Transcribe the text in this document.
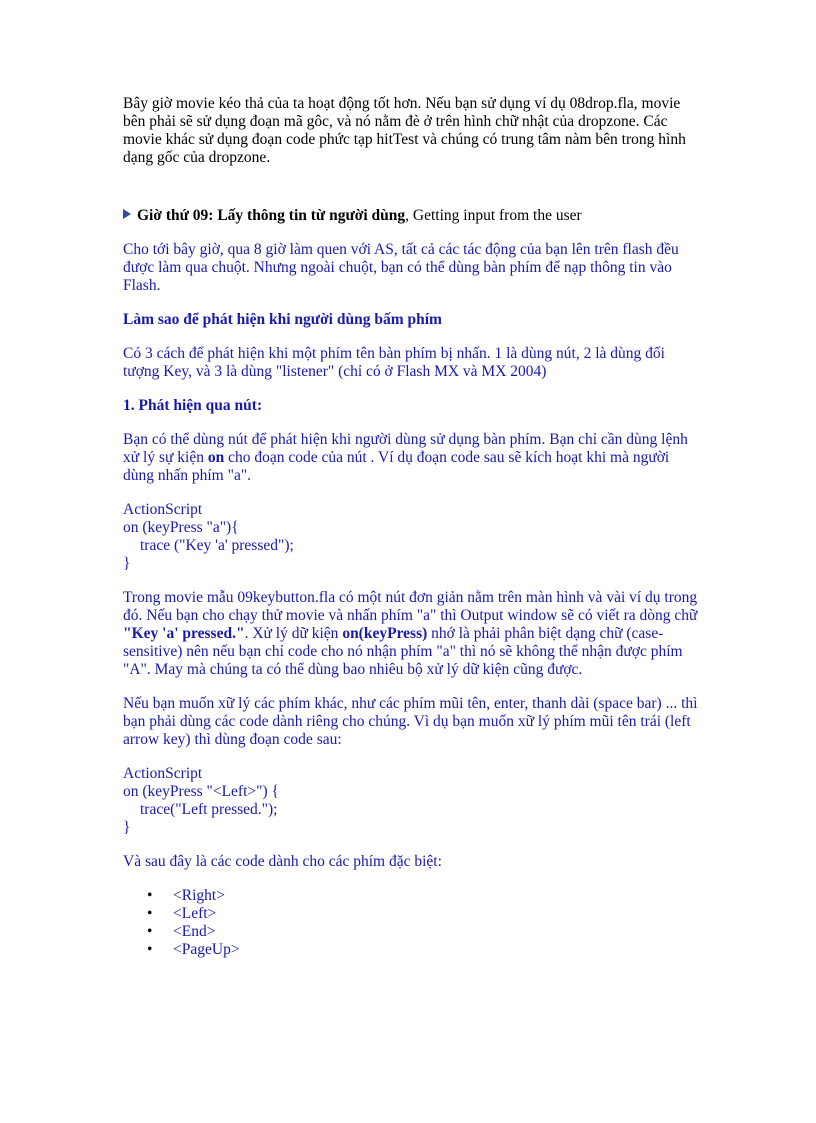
Bây giờ movie kéo thả của ta hoạt động tốt hơn. Nếu bạn sử dụng ví dụ 08drop.fla, movie bên phải sẽ sử dụng đoạn mã gôc, và nó nằm đè ở trên hình chữ nhật của dropzone. Các movie khác sử dụng đoạn code phức tạp hitTest và chúng có trung tâm nàm bên trong hình dạng gốc của dropzone.

Giờ thứ 09: Lấy thông tin từ người dùng, Getting input from the user

Cho tới bây giờ, qua 8 giờ làm quen với AS, tất cả các tác động của bạn lên trên flash đều được làm qua chuột. Nhưng ngoài chuột, bạn có thể dùng bàn phím để nạp thông tin vào Flash.

Làm sao để phát hiện khi người dùng bấm phím

Có 3 cách để phát hiện khi một phím tên bàn phím bị nhấn. 1 là dùng nút, 2 là dùng đối tượng Key, và 3 là dùng "listener" (chỉ có ở Flash MX và MX 2004)

1. Phát hiện qua nút:

Bạn có thể dùng nút để phát hiện khi người dùng sử dụng bàn phím. Bạn chỉ cần dùng lệnh xử lý sự kiện on cho đoạn code của nút . Ví dụ đoạn code sau sẽ kích hoạt khi mà người dùng nhấn phím "a".

ActionScript

on (keyPress "a"){

trace ("Key 'a' pressed");

}

Trong movie mẫu 09keybutton.fla có một nút đơn giản nằm trên màn hình và vài ví dụ trong đó. Nếu bạn cho chạy thử movie và nhấn phím "a" thì Output window sẽ có viết ra dòng chữ "Key 'a' pressed.". Xử lý dữ kiện on(keyPress) nhớ là phải phân biệt dạng chữ (case-sensitive) nên nếu bạn chỉ code cho nó nhận phím "a" thì nó sẽ không thể nhận được phím "A". May mà chúng ta có thể dùng bao nhiêu bộ xử lý dữ kiện cũng được.

Nếu bạn muốn xữ lý các phím khác, như các phím mũi tên, enter, thanh dài (space bar) ... thì bạn phải dùng các code dành riêng cho chúng. Vì dụ bạn muốn xữ lý phím mũi tên trái (left arrow key) thì dùng đoạn code sau:

ActionScript

on (keyPress "<Left>") {

trace("Left pressed.");

}

Và sau đây là các code dành cho các phím đặc biệt:

• <Right>
• <Left>
• <End>
• <PageUp>
